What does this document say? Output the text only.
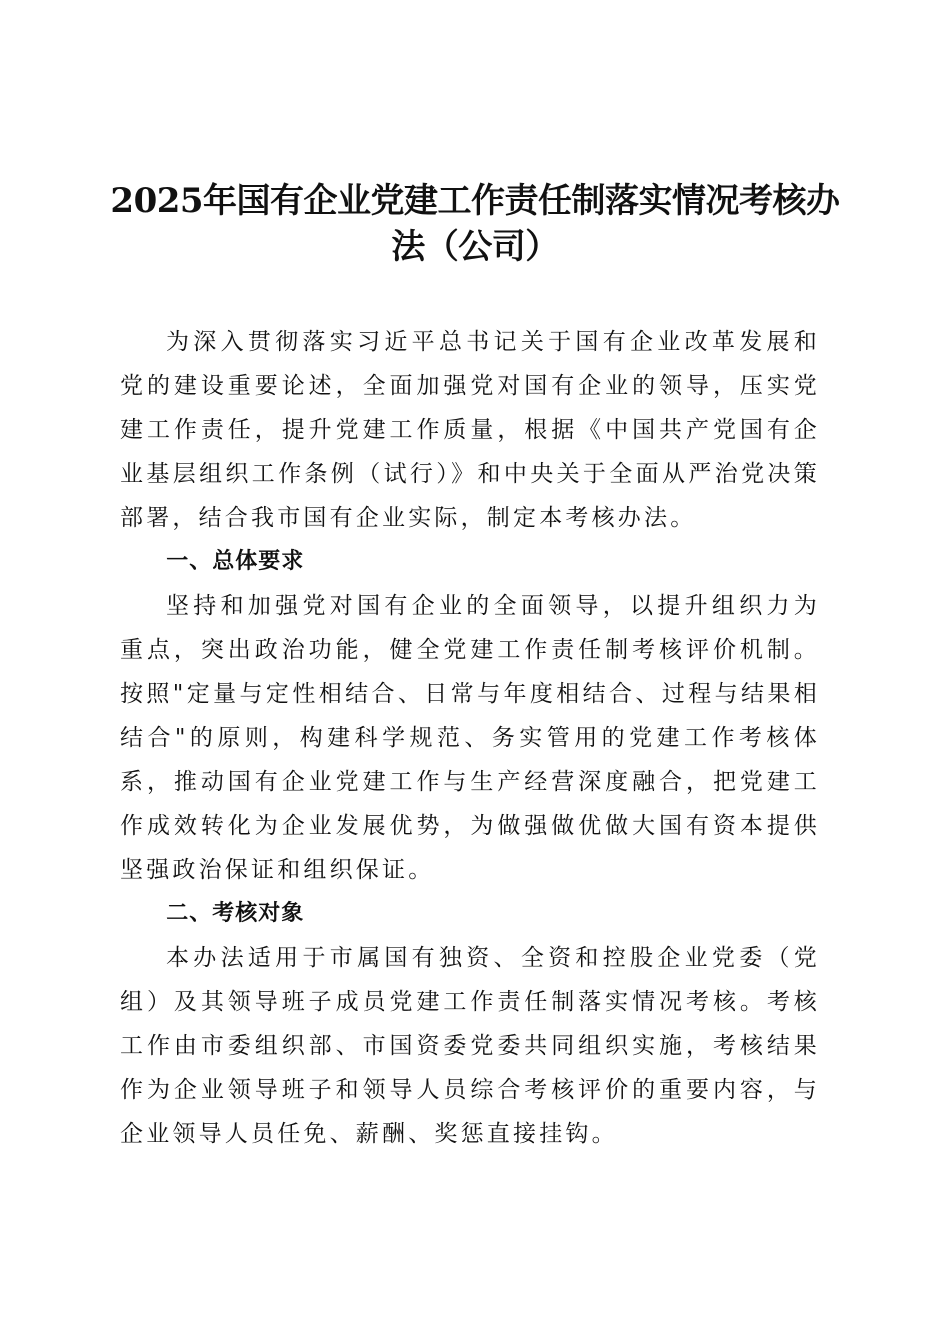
2025年国有企业党建工作责任制落实情况考核办法（公司）

为深入贯彻落实习近平总书记关于国有企业改革发展和党的建设重要论述，全面加强党对国有企业的领导，压实党建工作责任，提升党建工作质量，根据《中国共产党国有企业基层组织工作条例（试行）》和中央关于全面从严治党决策部署，结合我市国有企业实际，制定本考核办法。

一、总体要求

坚持和加强党对国有企业的全面领导，以提升组织力为重点，突出政治功能，健全党建工作责任制考核评价机制。按照"定量与定性相结合、日常与年度相结合、过程与结果相结合"的原则，构建科学规范、务实管用的党建工作考核体系，推动国有企业党建工作与生产经营深度融合，把党建工作成效转化为企业发展优势，为做强做优做大国有资本提供坚强政治保证和组织保证。

二、考核对象

本办法适用于市属国有独资、全资和控股企业党委（党组）及其领导班子成员党建工作责任制落实情况考核。考核工作由市委组织部、市国资委党委共同组织实施，考核结果作为企业领导班子和领导人员综合考核评价的重要内容，与企业领导人员任免、薪酬、奖惩直接挂钩。
